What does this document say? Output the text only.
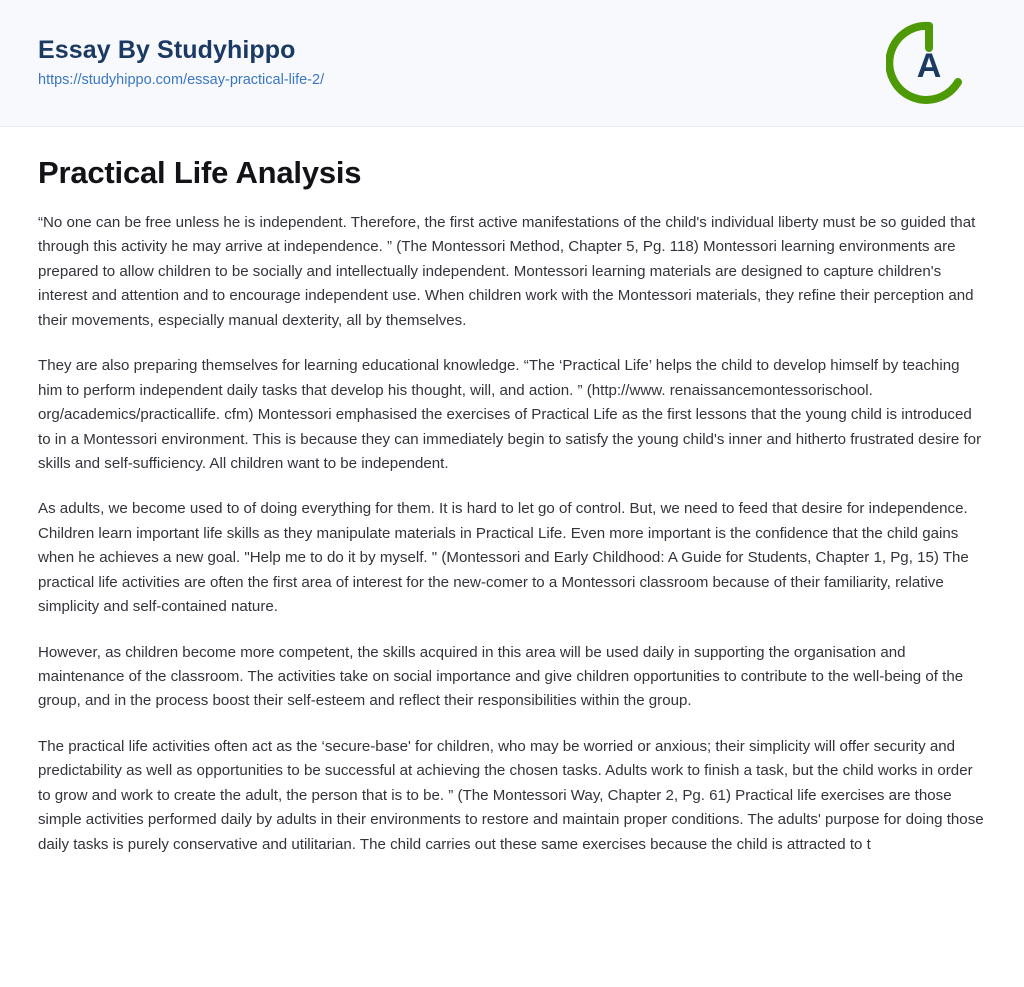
Essay By Studyhippo
https://studyhippo.com/essay-practical-life-2/	A
Practical Life Analysis

“No one can be free unless he is independent. Therefore, the first active manifestations of the child's individual liberty must be so guided that through this activity he may arrive at independence. ” (The Montessori Method, Chapter 5, Pg. 118) Montessori learning environments are prepared to allow children to be socially and intellectually independent. Montessori learning materials are designed to capture children's interest and attention and to encourage independent use. When children work with the Montessori materials, they refine their perception and their movements, especially manual dexterity, all by themselves.

They are also preparing themselves for learning educational knowledge. “The ‘Practical Life’ helps the child to develop himself by teaching him to perform independent daily tasks that develop his thought, will, and action. ” (http://www. renaissancemontessorischool. org/academics/practicallife. cfm) Montessori emphasised the exercises of Practical Life as the first lessons that the young child is introduced to in a Montessori environment. This is because they can immediately begin to satisfy the young child's inner and hitherto frustrated desire for skills and self-sufficiency. All children want to be independent.

As adults, we become used to of doing everything for them. It is hard to let go of control. But, we need to feed that desire for independence. Children learn important life skills as they manipulate materials in Practical Life. Even more important is the confidence that the child gains when he achieves a new goal. "Help me to do it by myself. " (Montessori and Early Childhood: A Guide for Students, Chapter 1, Pg, 15) The practical life activities are often the first area of interest for the new-comer to a Montessori classroom because of their familiarity, relative simplicity and self-contained nature.

However, as children become more competent, the skills acquired in this area will be used daily in supporting the organisation and maintenance of the classroom. The activities take on social importance and give children opportunities to contribute to the well-being of the group, and in the process boost their self-esteem and reflect their responsibilities within the group.

The practical life activities often act as the ‘secure-base' for children, who may be worried or anxious; their simplicity will offer security and predictability as well as opportunities to be successful at achieving the chosen tasks. Adults work to finish a task, but the child works in order to grow and work to create the adult, the person that is to be. ” (The Montessori Way, Chapter 2, Pg. 61) Practical life exercises are those simple activities performed daily by adults in their environments to restore and maintain proper conditions. The adults' purpose for doing those daily tasks is purely conservative and utilitarian. The child carries out these same exercises because the child is attracted to t
